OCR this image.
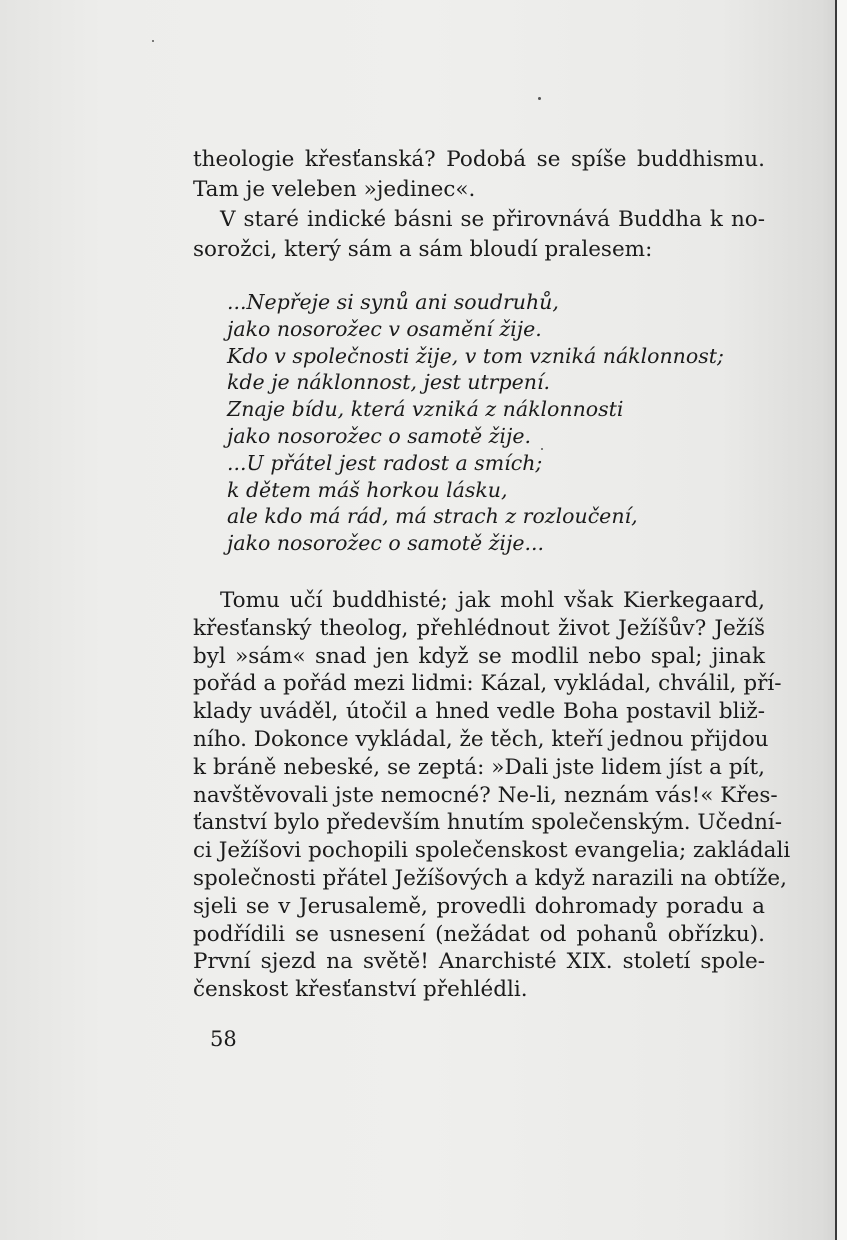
theologie křesťanská? Podobá se spíše buddhismu.
Tam je veleben »jedinec«.
V staré indické básni se přirovnává Buddha k no-
sorožci, který sám a sám bloudí pralesem:
...Nepřeje si synů ani soudruhů,
jako nosorožec v osamění žije.
Kdo v společnosti žije, v tom vzniká náklonnost;
kde je náklonnost, jest utrpení.
Znaje bídu, která vzniká z náklonnosti
jako nosorožec o samotě žije.
...U přátel jest radost a smích;
k dětem máš horkou lásku,
ale kdo má rád, má strach z rozloučení,
jako nosorožec o samotě žije...
Tomu učí buddhisté; jak mohl však Kierkegaard,
křesťanský theolog, přehlédnout život Ježíšův? Ježíš
byl »sám« snad jen když se modlil nebo spal; jinak
pořád a pořád mezi lidmi: Kázal, vykládal, chválil, pří-
klady uváděl, útočil a hned vedle Boha postavil bliž-
ního. Dokonce vykládal, že těch, kteří jednou přijdou
k bráně nebeské, se zeptá: »Dali jste lidem jíst a pít,
navštěvovali jste nemocné? Ne-li, neznám vás!« Křes-
ťanství bylo především hnutím společenským. Učední-
ci Ježíšovi pochopili společenskost evangelia; zakládali
společnosti přátel Ježíšových a když narazili na obtíže,
sjeli se v Jerusalemě, provedli dohromady poradu a
podřídili se usnesení (nežádat od pohanů obřízku).
První sjezd na světě! Anarchisté XIX. století spole-
čenskost křesťanství přehlédli.
58
